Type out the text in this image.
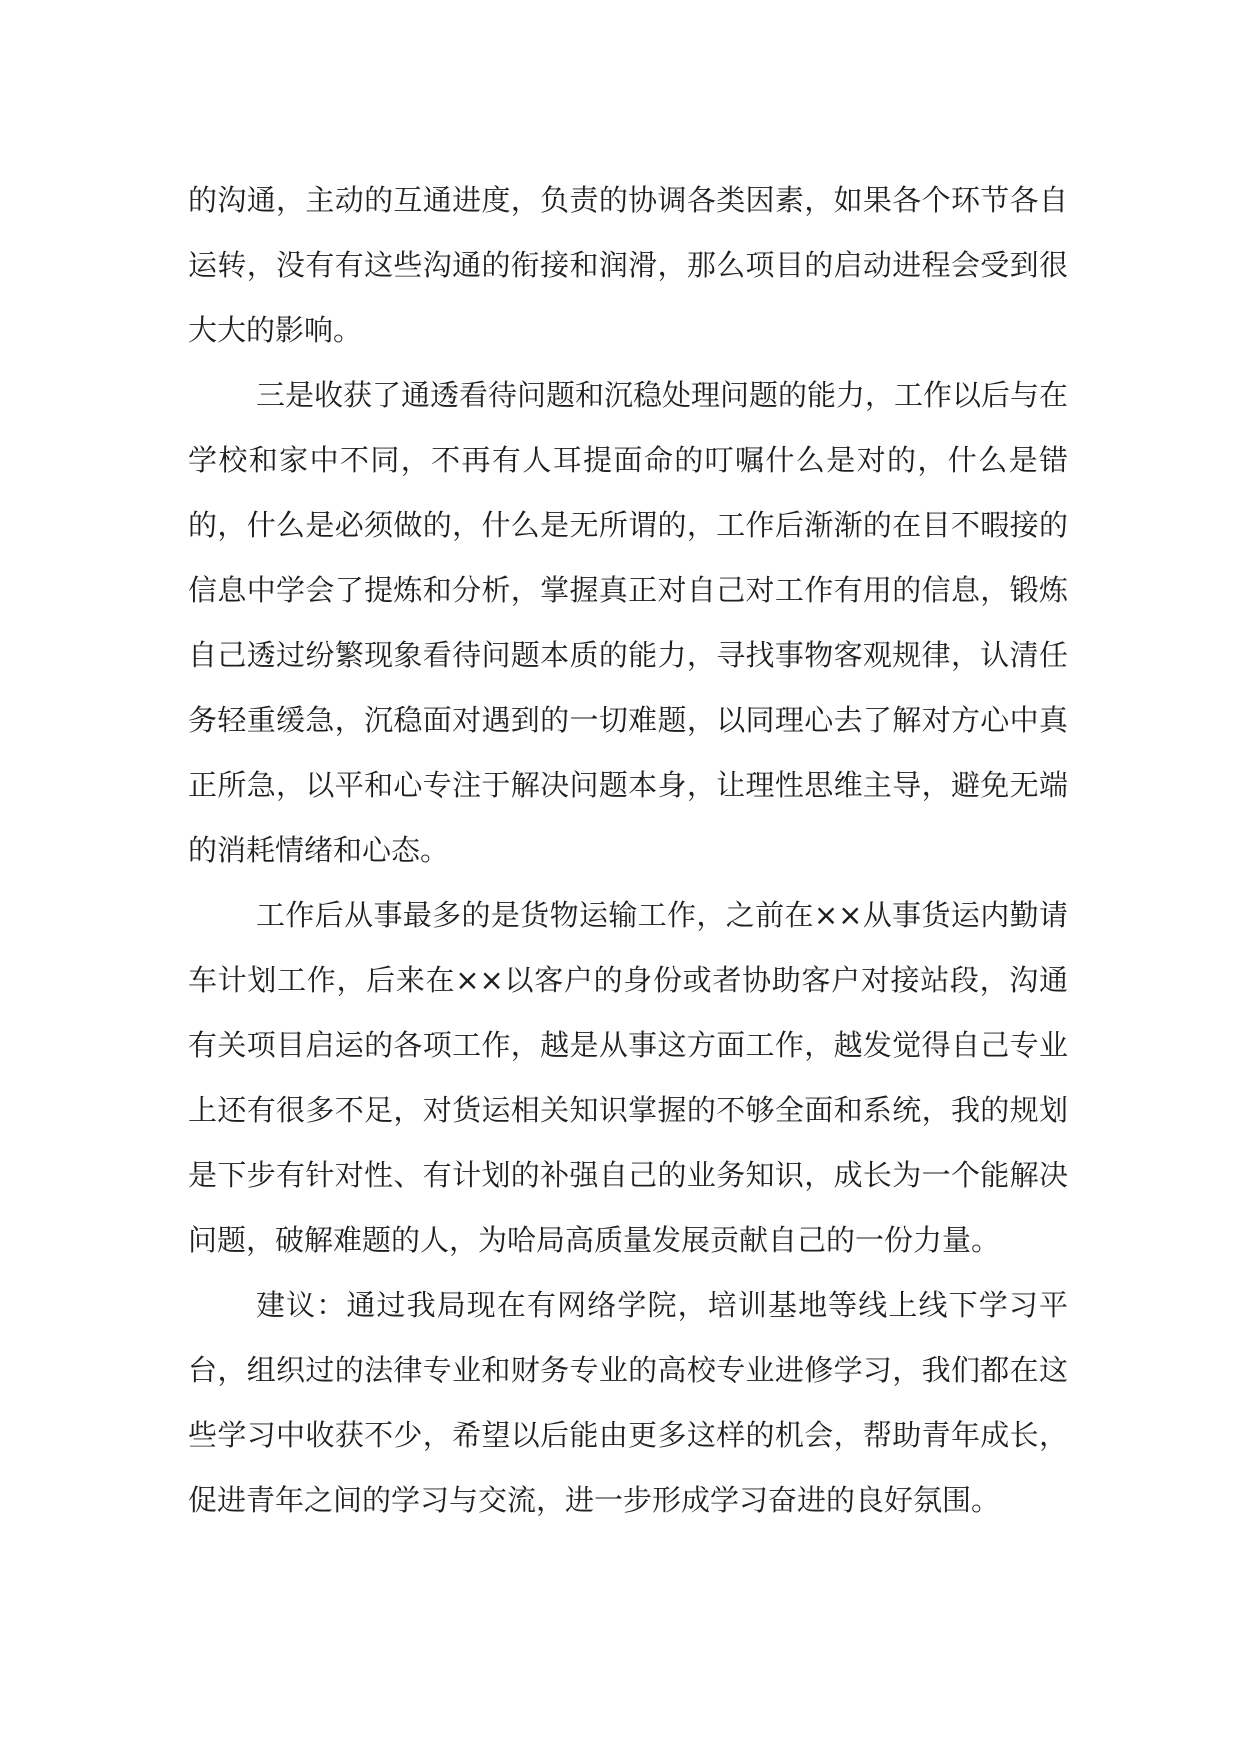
的沟通，主动的互通进度，负责的协调各类因素，如果各个环节各自运转，没有有这些沟通的衔接和润滑，那么项目的启动进程会受到很大大的影响。

三是收获了通透看待问题和沉稳处理问题的能力，工作以后与在学校和家中不同，不再有人耳提面命的叮嘱什么是对的，什么是错的，什么是必须做的，什么是无所谓的，工作后渐渐的在目不暇接的信息中学会了提炼和分析，掌握真正对自己对工作有用的信息，锻炼自己透过纷繁现象看待问题本质的能力，寻找事物客观规律，认清任务轻重缓急，沉稳面对遇到的一切难题，以同理心去了解对方心中真正所急，以平和心专注于解决问题本身，让理性思维主导，避免无端的消耗情绪和心态。

工作后从事最多的是货物运输工作，之前在××从事货运内勤请车计划工作，后来在××以客户的身份或者协助客户对接站段，沟通有关项目启运的各项工作，越是从事这方面工作，越发觉得自己专业上还有很多不足，对货运相关知识掌握的不够全面和系统，我的规划是下步有针对性、有计划的补强自己的业务知识，成长为一个能解决问题，破解难题的人，为哈局高质量发展贡献自己的一份力量。

建议：通过我局现在有网络学院，培训基地等线上线下学习平台，组织过的法律专业和财务专业的高校专业进修学习，我们都在这些学习中收获不少，希望以后能由更多这样的机会，帮助青年成长，促进青年之间的学习与交流，进一步形成学习奋进的良好氛围。
